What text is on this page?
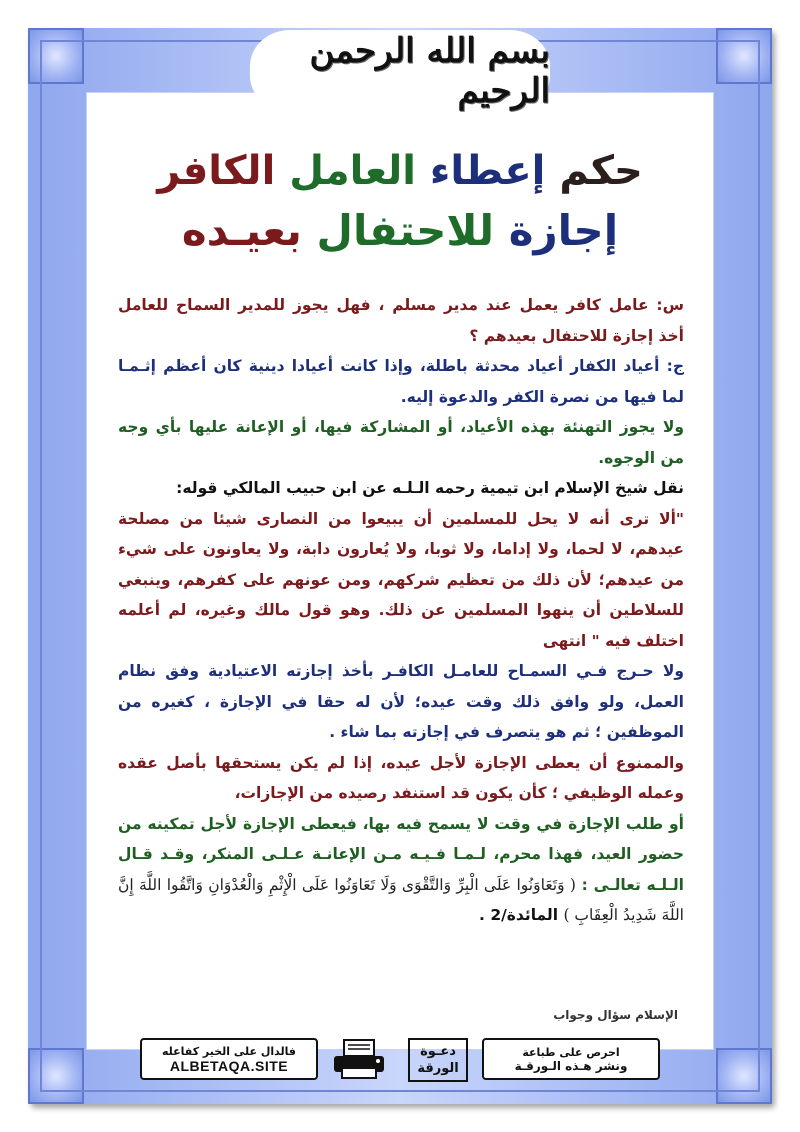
بسم الله الرحمن الرحيم
حكم إعطاء العامل الكافر
إجازة للاحتفال بعيـده

س: عامل كافر يعمل عند مدير مسلم ، فهل يجوز للمدير السماح للعامل أخذ إجازة للاحتفال بعيدهم ؟

ج: أعياد الكفار أعياد محدثة باطلة، وإذا كانت أعيادا دينية كان أعظم إثـمـا لما فيها من نصرة الكفر والدعوة إليه.

ولا يجوز التهنئة بهذه الأعياد، أو المشاركة فيها، أو الإعانة عليها بأي وجه من الوجوه.

نقل شيخ الإسلام ابن تيمية رحمه الـلـه عن ابن حبيب المالكي قوله:

"ألا ترى أنه لا يحل للمسلمين أن يبيعوا من النصارى شيئا من مصلحة عيدهم، لا لحما، ولا إداما، ولا ثوبا، ولا يُعارون دابة، ولا يعاونون على شيء من عيدهم؛ لأن ذلك من تعظيم شركهم، ومن عونهم على كفرهم، وينبغي للسلاطين أن ينهوا المسلمين عن ذلك. وهو قول مالك وغيره، لم أعلمه اختلف فيه " انتهى

ولا حـرج فـي السمـاح للعامـل الكافـر بأخذ إجازته الاعتيادية وفق نظام العمل، ولو وافق ذلك وقت عيده؛ لأن له حقا في الإجازة ، كغيره من الموظفين ؛ ثم هو يتصرف في إجازته بما شاء .

والممنوع أن يعطى الإجازة لأجل عيده، إذا لم يكن يستحقها بأصل عقده وعمله الوظيفي ؛ كأن يكون قد استنفد رصيده من الإجازات،

أو طلب الإجازة في وقت لا يسمح فيه بها، فيعطى الإجازة لأجل تمكينه من حضور العيد، فهذا محرم، لـمـا فـيـه مـن الإعانـة عـلـى المنكر، وقـد قـال الـلـه تعالـى : ( وَتَعَاوَنُوا عَلَى الْبِرِّ وَالتَّقْوَى وَلَا تَعَاوَنُوا عَلَى الْإِثْمِ وَالْعُدْوَانِ وَاتَّقُوا اللَّهَ إِنَّ اللَّهَ شَدِيدُ الْعِقَابِ ) المائدة/2 .

الإسلام سؤال وجواب
فالدال على الخير كفاعله
ALBETAQA.SITE
دعـوة
الورقة
احرص على طباعة
ونشر هـذه الـورقـة
